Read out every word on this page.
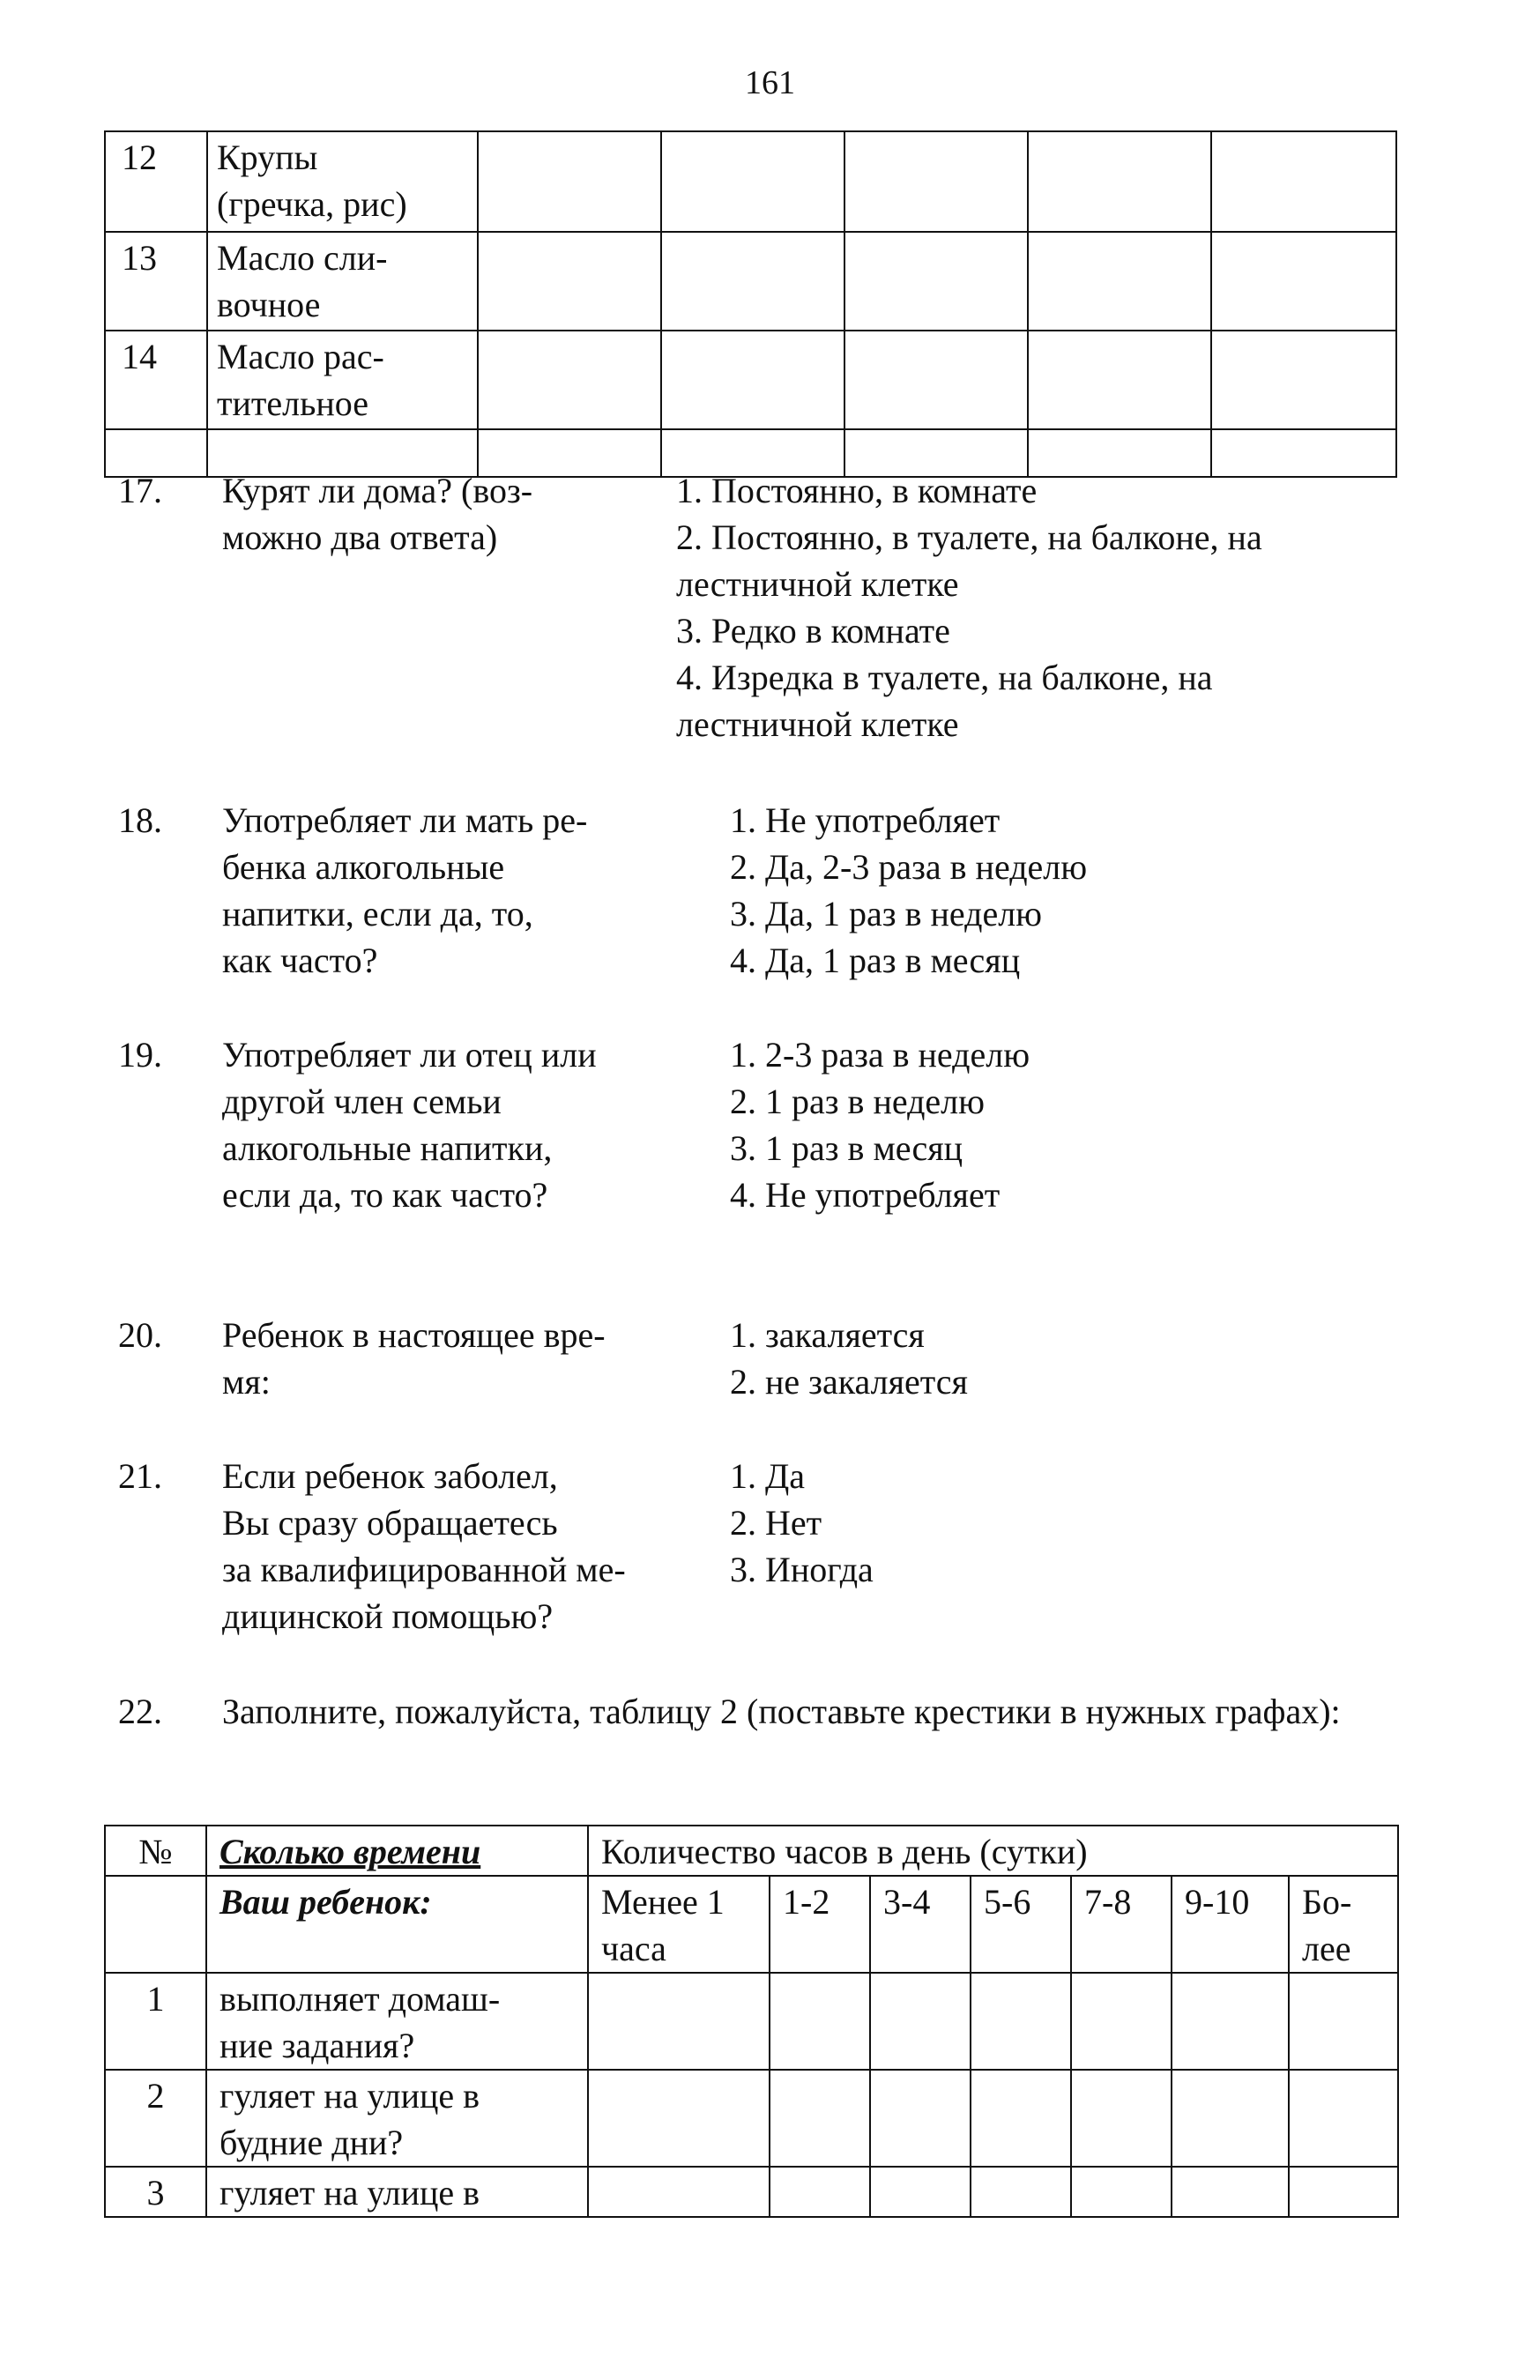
161
12	Крупы
(гречка, рис)					

13	Масло сли-
вочное					

14	Масло рас-
тительное					

17. Курят ли дома? (воз-
можно два ответа)
1. Постоянно, в комнате
2. Постоянно, в туалете, на балконе, на
лестничной клетке
3. Редко в комнате
4. Изредка в туалете, на балконе, на
лестничной клетке
18. Употребляет ли мать ре-
бенка алкогольные
напитки, если да, то,
как часто?
1. Не употребляет
2. Да, 2-3 раза в неделю
3. Да, 1 раз в неделю
4. Да, 1 раз в месяц
19. Употребляет ли отец или
другой член семьи
алкогольные напитки,
если да, то как часто?
1. 2-3 раза в неделю
2. 1 раз в неделю
3. 1 раз в месяц
4. Не употребляет
20. Ребенок в настоящее вре-
мя:
1. закаляется
2. не закаляется
21. Если ребенок заболел,
Вы сразу обращаетесь
за квалифицированной ме-
дицинской помощью?
1. Да
2. Нет
3. Иногда
22. Заполните, пожалуйста, таблицу 2 (поставьте крестики в нужных графах):
№	Сколько времени	Количество часов в день (сутки)						
	Ваш ребенок:	Менее 1 часа	1-2	3-4	5-6	7-8	9-10	Бо-
лее
1	выполняет домаш-
ние задания?							
2	гуляет на улице в
будние дни?							
3	гуляет на улице в							
